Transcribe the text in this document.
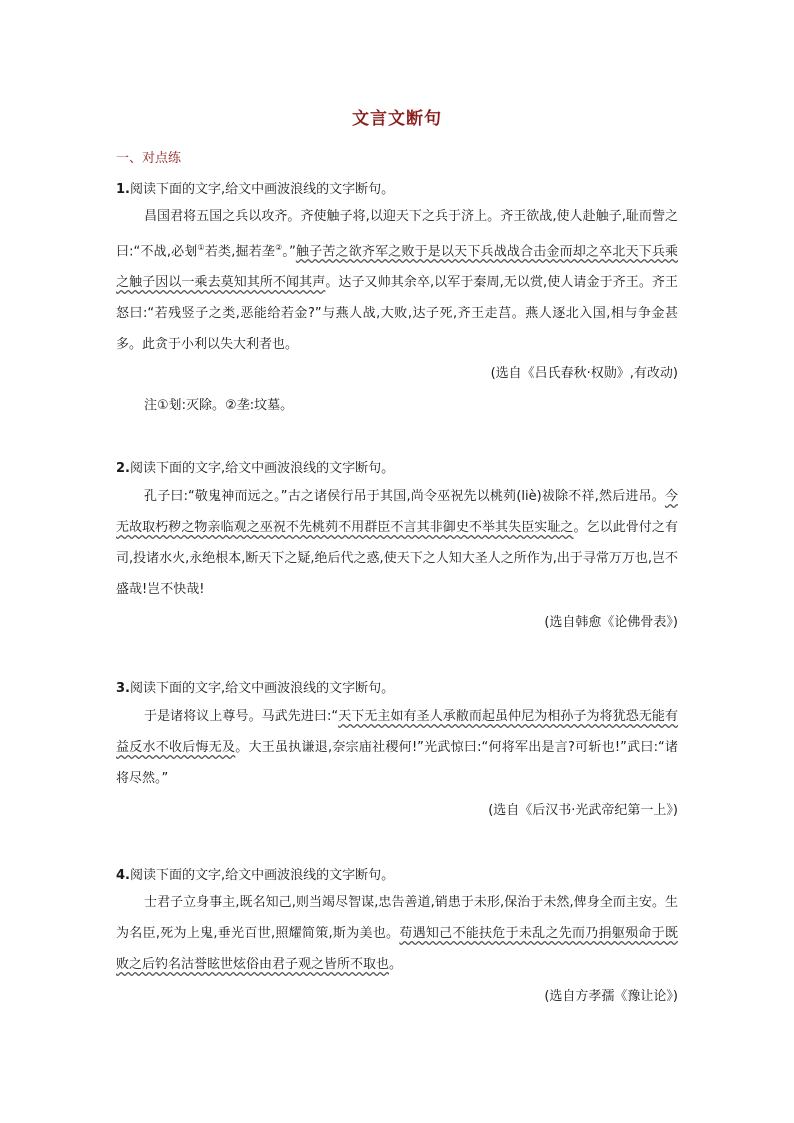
文言文断句
一、对点练
1.阅读下面的文字,给文中画波浪线的文字断句。

昌国君将五国之兵以攻齐。齐使触子将,以迎天下之兵于济上。齐王欲战,使人赴触子,耻而訾之曰:“不战,必刬①若类,掘若垄②。”触子苦之欲齐军之败于是以天下兵战战合击金而却之卒北天下兵乘之触子因以一乘去莫知其所不闻其声。达子又帅其余卒,以军于秦周,无以赏,使人请金于齐王。齐王怒曰:“若残竖子之类,恶能给若金?”与燕人战,大败,达子死,齐王走莒。燕人逐北入国,相与争金甚多。此贪于小利以失大利者也。

(选自《吕氏春秋·权勋》,有改动)
注①刬:灭除。②垄:坟墓。
2.阅读下面的文字,给文中画波浪线的文字断句。

孔子曰:“敬鬼神而远之。”古之诸侯行吊于其国,尚令巫祝先以桃茢(liè)祓除不祥,然后进吊。今无故取朽秽之物亲临观之巫祝不先桃茢不用群臣不言其非御史不举其失臣实耻之。乞以此骨付之有司,投诸水火,永绝根本,断天下之疑,绝后代之惑,使天下之人知大圣人之所作为,出于寻常万万也,岂不盛哉!岂不快哉!

(选自韩愈《论佛骨表》)
3.阅读下面的文字,给文中画波浪线的文字断句。

于是诸将议上尊号。马武先进曰:“天下无主如有圣人承敝而起虽仲尼为相孙子为将犹恐无能有益反水不收后悔无及。大王虽执谦退,奈宗庙社稷何!”光武惊曰:“何将军出是言?可斩也!”武曰:“诸将尽然。”

(选自《后汉书·光武帝纪第一上》)
4.阅读下面的文字,给文中画波浪线的文字断句。

士君子立身事主,既名知己,则当竭尽智谋,忠告善道,销患于未形,保治于未然,俾身全而主安。生为名臣,死为上鬼,垂光百世,照耀简策,斯为美也。苟遇知己不能扶危于未乱之先而乃捐躯殒命于既败之后钓名沽誉眩世炫俗由君子观之皆所不取也。

(选自方孝孺《豫让论》)
